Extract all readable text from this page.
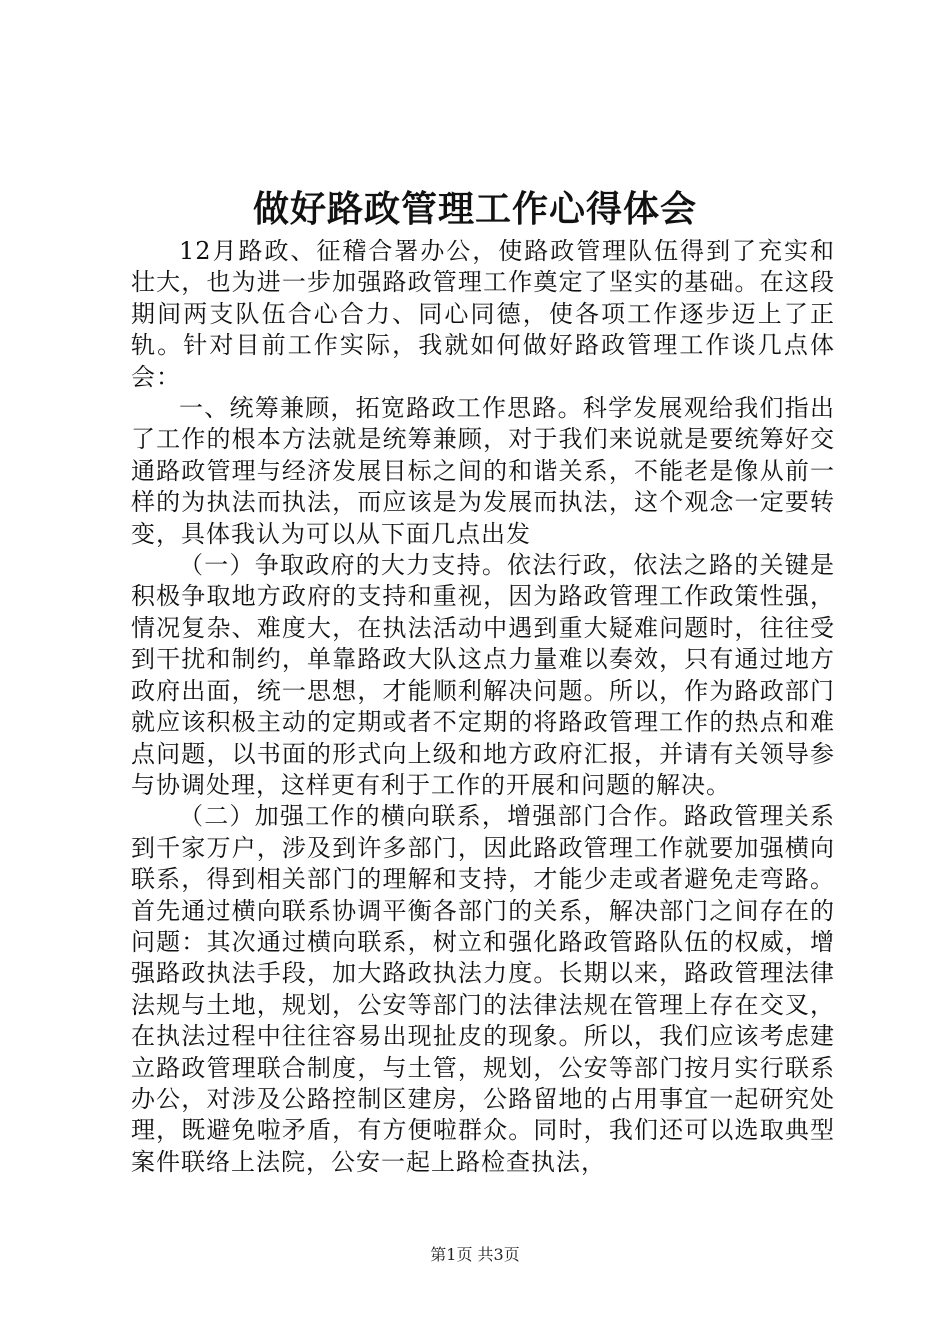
做好路政管理工作心得体会

12月路政、征稽合署办公，使路政管理队伍得到了充实和壮大，也为进一步加强路政管理工作奠定了坚实的基础。在这段期间两支队伍合心合力、同心同德，使各项工作逐步迈上了正轨。针对目前工作实际，我就如何做好路政管理工作谈几点体会：

一、统筹兼顾，拓宽路政工作思路。科学发展观给我们指出了工作的根本方法就是统筹兼顾，对于我们来说就是要统筹好交通路政管理与经济发展目标之间的和谐关系，不能老是像从前一样的为执法而执法，而应该是为发展而执法，这个观念一定要转变，具体我认为可以从下面几点出发

（一）争取政府的大力支持。依法行政，依法之路的关键是积极争取地方政府的支持和重视，因为路政管理工作政策性强，情况复杂、难度大，在执法活动中遇到重大疑难问题时，往往受到干扰和制约，单靠路政大队这点力量难以奏效，只有通过地方政府出面，统一思想，才能顺利解决问题。所以，作为路政部门就应该积极主动的定期或者不定期的将路政管理工作的热点和难点问题，以书面的形式向上级和地方政府汇报，并请有关领导参与协调处理，这样更有利于工作的开展和问题的解决。

（二）加强工作的横向联系，增强部门合作。路政管理关系到千家万户，涉及到许多部门，因此路政管理工作就要加强横向联系，得到相关部门的理解和支持，才能少走或者避免走弯路。首先通过横向联系协调平衡各部门的关系，解决部门之间存在的问题：其次通过横向联系，树立和强化路政管路队伍的权威，增强路政执法手段，加大路政执法力度。长期以来，路政管理法律法规与土地，规划，公安等部门的法律法规在管理上存在交叉，在执法过程中往往容易出现扯皮的现象。所以，我们应该考虑建立路政管理联合制度，与土管，规划，公安等部门按月实行联系办公，对涉及公路控制区建房，公路留地的占用事宜一起研究处理，既避免啦矛盾，有方便啦群众。同时，我们还可以选取典型案件联络上法院，公安一起上路检查执法，

第1页 共3页
